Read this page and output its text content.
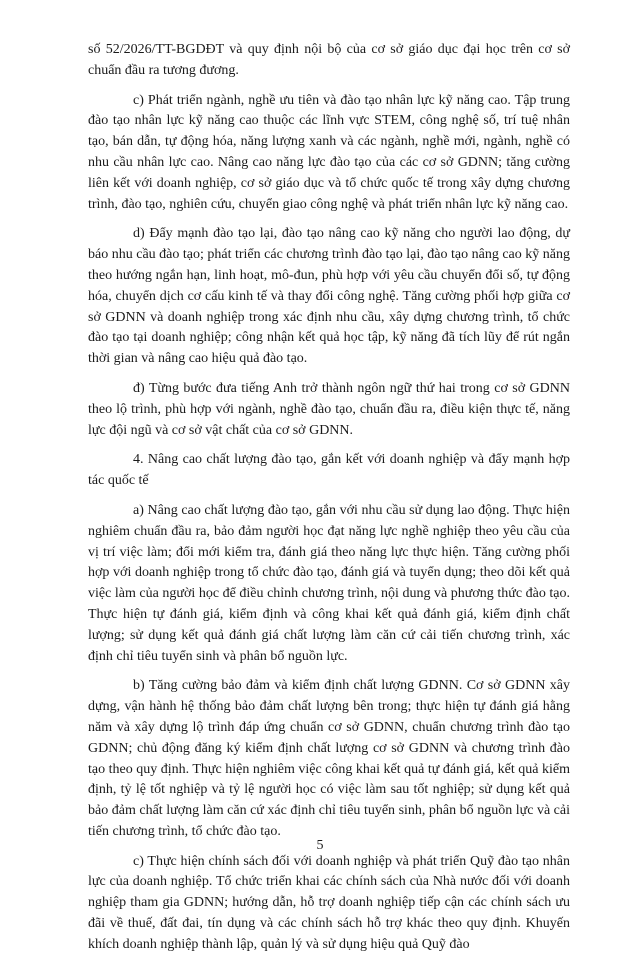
số 52/2026/TT-BGDĐT và quy định nội bộ của cơ sở giáo dục đại học trên cơ sở chuẩn đầu ra tương đương.

c) Phát triển ngành, nghề ưu tiên và đào tạo nhân lực kỹ năng cao. Tập trung đào tạo nhân lực kỹ năng cao thuộc các lĩnh vực STEM, công nghệ số, trí tuệ nhân tạo, bán dẫn, tự động hóa, năng lượng xanh và các ngành, nghề mới, ngành, nghề có nhu cầu nhân lực cao. Nâng cao năng lực đào tạo của các cơ sở GDNN; tăng cường liên kết với doanh nghiệp, cơ sở giáo dục và tổ chức quốc tế trong xây dựng chương trình, đào tạo, nghiên cứu, chuyển giao công nghệ và phát triển nhân lực kỹ năng cao.

d) Đẩy mạnh đào tạo lại, đào tạo nâng cao kỹ năng cho người lao động, dự báo nhu cầu đào tạo; phát triển các chương trình đào tạo lại, đào tạo nâng cao kỹ năng theo hướng ngắn hạn, linh hoạt, mô-đun, phù hợp với yêu cầu chuyển đổi số, tự động hóa, chuyển dịch cơ cấu kinh tế và thay đổi công nghệ. Tăng cường phối hợp giữa cơ sở GDNN và doanh nghiệp trong xác định nhu cầu, xây dựng chương trình, tổ chức đào tạo tại doanh nghiệp; công nhận kết quả học tập, kỹ năng đã tích lũy để rút ngắn thời gian và nâng cao hiệu quả đào tạo.

đ) Từng bước đưa tiếng Anh trở thành ngôn ngữ thứ hai trong cơ sở GDNN theo lộ trình, phù hợp với ngành, nghề đào tạo, chuẩn đầu ra, điều kiện thực tế, năng lực đội ngũ và cơ sở vật chất của cơ sở GDNN.

4. Nâng cao chất lượng đào tạo, gắn kết với doanh nghiệp và đẩy mạnh hợp tác quốc tế

a) Nâng cao chất lượng đào tạo, gắn với nhu cầu sử dụng lao động. Thực hiện nghiêm chuẩn đầu ra, bảo đảm người học đạt năng lực nghề nghiệp theo yêu cầu của vị trí việc làm; đổi mới kiểm tra, đánh giá theo năng lực thực hiện. Tăng cường phối hợp với doanh nghiệp trong tổ chức đào tạo, đánh giá và tuyển dụng; theo dõi kết quả việc làm của người học để điều chỉnh chương trình, nội dung và phương thức đào tạo. Thực hiện tự đánh giá, kiểm định và công khai kết quả đánh giá, kiểm định chất lượng; sử dụng kết quả đánh giá chất lượng làm căn cứ cải tiến chương trình, xác định chỉ tiêu tuyển sinh và phân bổ nguồn lực.

b) Tăng cường bảo đảm và kiểm định chất lượng GDNN. Cơ sở GDNN xây dựng, vận hành hệ thống bảo đảm chất lượng bên trong; thực hiện tự đánh giá hằng năm và xây dựng lộ trình đáp ứng chuẩn cơ sở GDNN, chuẩn chương trình đào tạo GDNN; chủ động đăng ký kiểm định chất lượng cơ sở GDNN và chương trình đào tạo theo quy định. Thực hiện nghiêm việc công khai kết quả tự đánh giá, kết quả kiểm định, tỷ lệ tốt nghiệp và tỷ lệ người học có việc làm sau tốt nghiệp; sử dụng kết quả bảo đảm chất lượng làm căn cứ xác định chỉ tiêu tuyển sinh, phân bổ nguồn lực và cải tiến chương trình, tổ chức đào tạo.

c) Thực hiện chính sách đối với doanh nghiệp và phát triển Quỹ đào tạo nhân lực của doanh nghiệp. Tổ chức triển khai các chính sách của Nhà nước đối với doanh nghiệp tham gia GDNN; hướng dẫn, hỗ trợ doanh nghiệp tiếp cận các chính sách ưu đãi về thuế, đất đai, tín dụng và các chính sách hỗ trợ khác theo quy định. Khuyến khích doanh nghiệp thành lập, quản lý và sử dụng hiệu quả Quỹ đào

5
